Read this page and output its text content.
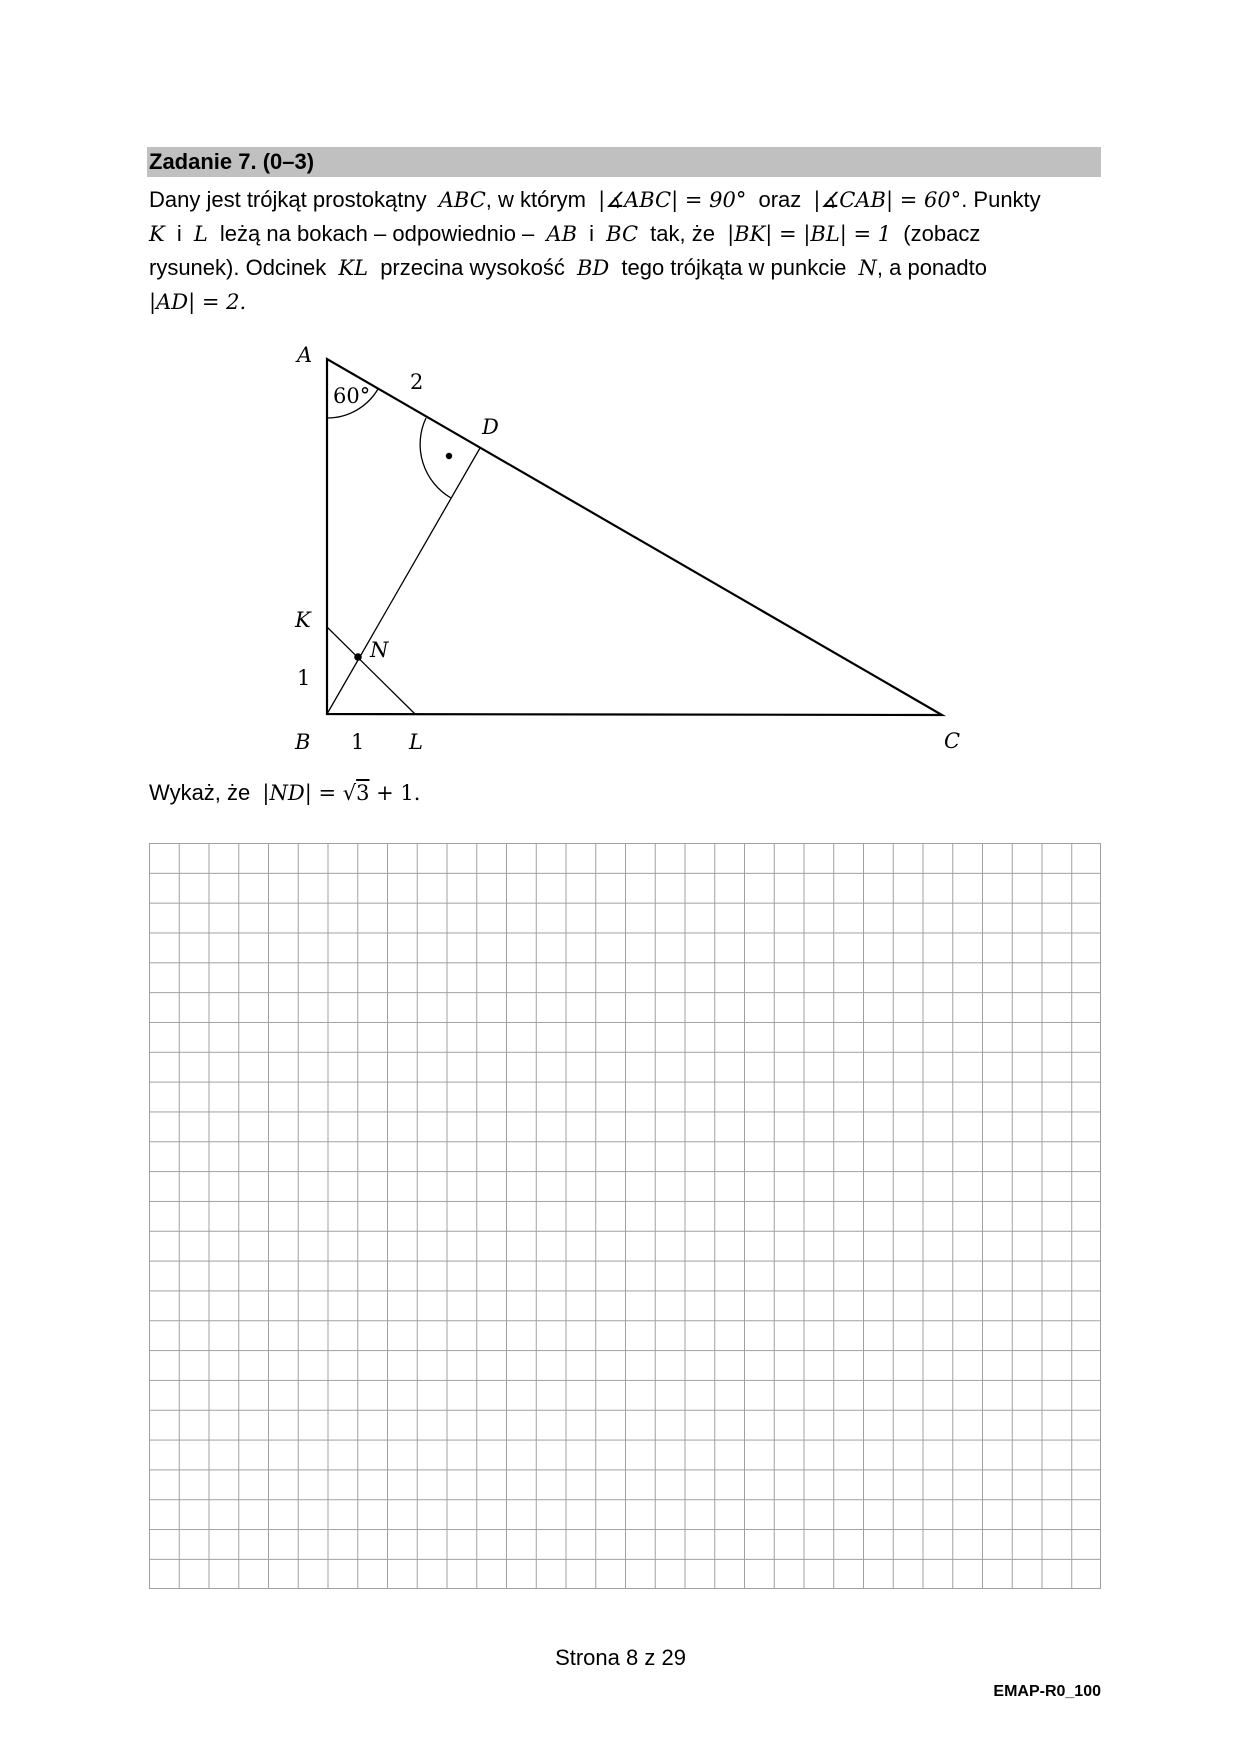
Zadanie 7. (0–3)
Dany jest trójkąt prostokątny ABC, w którym |∡ABC| = 90° oraz |∡CAB| = 60°. Punkty
K i L leżą na bokach – odpowiednio – AB i BC tak, że |BK| = |BL| = 1 (zobacz
rysunek). Odcinek KL przecina wysokość BD tego trójkąta w punkcie N, a ponadto
|AD| = 2.
A
B	C
D
K
L
N
60°
2
1
1
Wykaż, że |ND| = √3 + 1.
Strona 8 z 29
EMAP-R0_100
